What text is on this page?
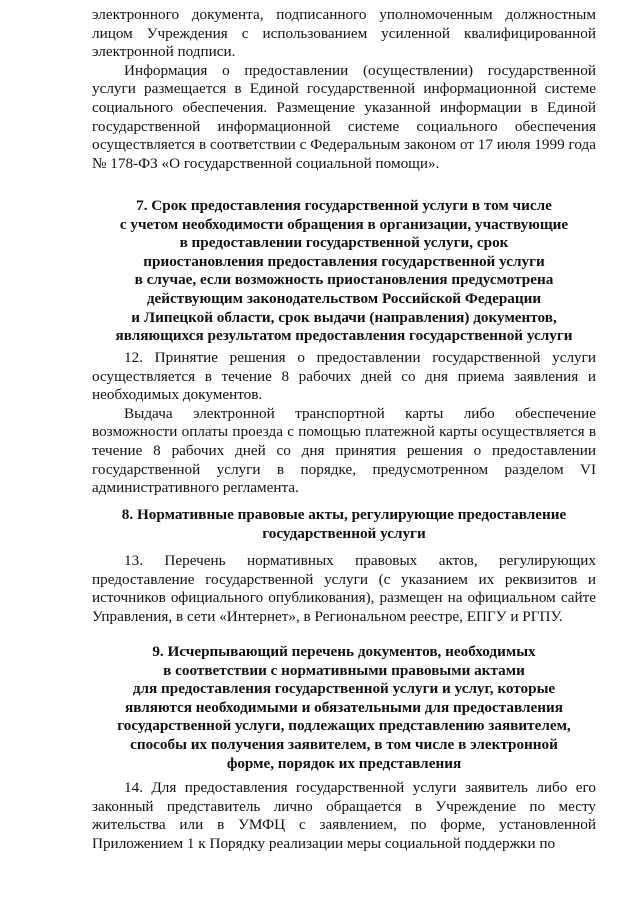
электронного документа, подписанного уполномоченным должностным лицом Учреждения с использованием усиленной квалифицированной электронной подписи.

Информация о предоставлении (осуществлении) государственной услуги размещается в Единой государственной информационной системе социального обеспечения. Размещение указанной информации в Единой государственной информационной системе социального обеспечения осуществляется в соответствии с Федеральным законом от 17 июля 1999 года № 178-ФЗ «О государственной социальной помощи».

7. Срок предоставления государственной услуги в том числе
с учетом необходимости обращения в организации, участвующие
в предоставлении государственной услуги, срок
приостановления предоставления государственной услуги
в случае, если возможность приостановления предусмотрена
действующим законодательством Российской Федерации
и Липецкой области, срок выдачи (направления) документов,
являющихся результатом предоставления государственной услуги

12. Принятие решения о предоставлении государственной услуги осуществляется в течение 8 рабочих дней со дня приема заявления и необходимых документов.

Выдача электронной транспортной карты либо обеспечение возможности оплаты проезда с помощью платежной карты осуществляется в течение 8 рабочих дней со дня принятия решения о предоставлении государственной услуги в порядке, предусмотренном разделом VI административного регламента.

8. Нормативные правовые акты, регулирующие предоставление
государственной услуги

13. Перечень нормативных правовых актов, регулирующих предоставление государственной услуги (с указанием их реквизитов и источников официального опубликования), размещен на официальном сайте Управления, в сети «Интернет», в Региональном реестре, ЕПГУ и РГПУ.

9. Исчерпывающий перечень документов, необходимых
в соответствии с нормативными правовыми актами
для предоставления государственной услуги и услуг, которые
являются необходимыми и обязательными для предоставления
государственной услуги, подлежащих представлению заявителем,
способы их получения заявителем, в том числе в электронной
форме, порядок их представления

14. Для предоставления государственной услуги заявитель либо его законный представитель лично обращается в Учреждение по месту жительства или в УМФЦ с заявлением, по форме, установленной Приложением 1 к Порядку реализации меры социальной поддержки по
